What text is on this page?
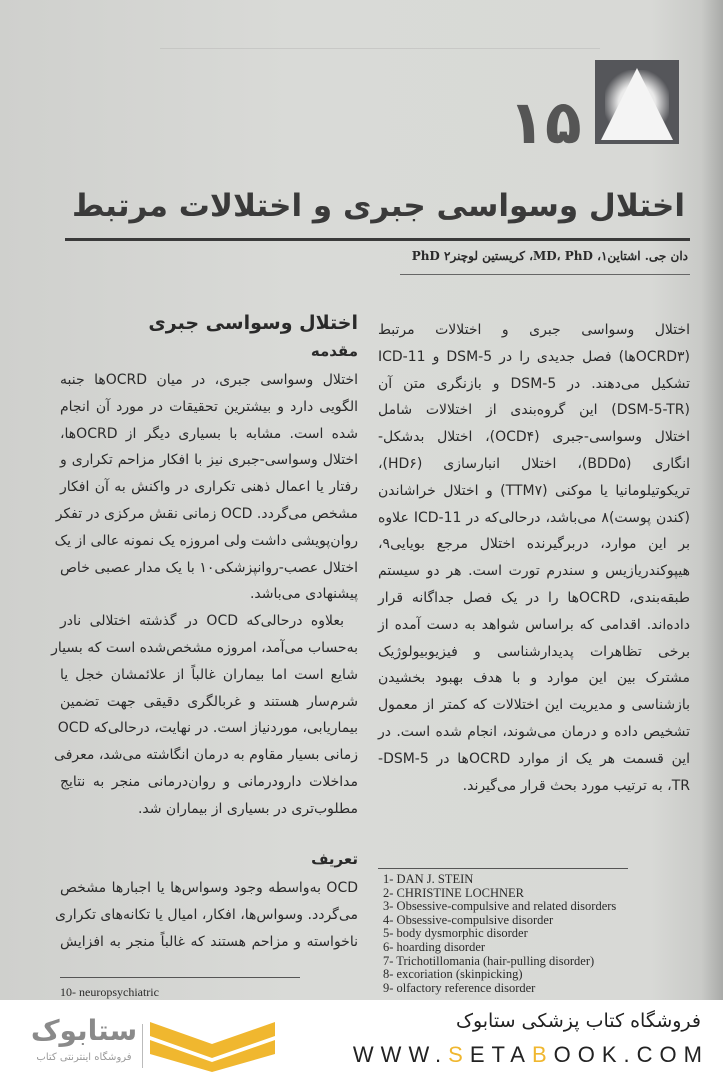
۱۵
اختلال وسواسی جبری و اختلالات مرتبط
دان جی. اشتاین۱، MD، PhD، کریستین لوچنر۲ PhD
اختلال وسواسی جبری و اختلالات مرتبط
(OCRD۳ها) فصل جدیدی را در DSM-5 و ICD-11
تشکیل می‌دهند. در DSM-5 و بازنگری متن آن
(DSM-5-TR) این گروه‌بندی از اختلالات شامل
اختلال وسواسی-جبری (OCD۴)، اختلال بدشکل-
انگاری (BDD۵)، اختلال انبارسازی (HD۶)،
تریکوتیلومانیا یا موکنی (TTM۷) و اختلال خراشاندن
(کندن پوست)۸ می‌باشد، درحالی‌که در ICD-11 علاوه
بر این موارد، دربرگیرنده اختلال مرجع بویایی۹،
هیپوکندریازیس و سندرم تورت است. هر دو سیستم
طبقه‌بندی، OCRDها را در یک فصل جداگانه قرار
داده‌اند. اقدامی که براساس شواهد به دست آمده از
برخی تظاهرات پدیدارشناسی و فیزیوبیولوژیک
مشترک بین این موارد و با هدف بهبود بخشیدن
بازشناسی و مدیریت این اختلالات که کمتر از معمول
تشخیص داده و درمان می‌شوند، انجام شده است. در
این قسمت هر یک از موارد OCRDها در DSM-5-
TR، به ترتیب مورد بحث قرار می‌گیرند.
اختلال وسواسی جبری
مقدمه
اختلال وسواسی جبری، در میان OCRDها جنبه
الگویی دارد و بیشترین تحقیقات در مورد آن انجام
شده است. مشابه با بسیاری دیگر از OCRDها،
اختلال وسواسی-جبری نیز با افکار مزاحم تکراری و
رفتار یا اعمال ذهنی تکراری در واکنش به آن افکار
مشخص می‌گردد. OCD زمانی نقش مرکزی در تفکر
روان‌پویشی داشت ولی امروزه یک نمونه عالی از یک
اختلال عصب-روانپزشکی۱۰ با یک مدار عصبی خاص
پیشنهادی می‌باشد.
بعلاوه درحالی‌که OCD در گذشته اختلالی نادر
به‌حساب می‌آمد، امروزه مشخص‌شده است که بسیار
شایع است اما بیماران غالباً از علائمشان خجل یا
شرم‌سار هستند و غربالگری دقیقی جهت تضمین
بیماریابی، موردنیاز است. در نهایت، درحالی‌که OCD
زمانی بسیار مقاوم به درمان انگاشته می‌شد، معرفی
مداخلات دارودرمانی و روان‌درمانی منجر به نتایج
مطلوب‌تری در بسیاری از بیماران شد.
تعریف
OCD به‌واسطه وجود وسواس‌ها یا اجبارها مشخص
می‌گردد. وسواس‌ها، افکار، امیال یا تکانه‌های تکراری
ناخواسته و مزاحم هستند که غالباً منجر به افزایش
10- neuropsychiatric
1- DAN J. STEIN
2- CHRISTINE LOCHNER
3- Obsessive-compulsive and related disorders
4- Obsessive-compulsive disorder
5- body dysmorphic disorder
6- hoarding disorder
7- Trichotillomania (hair-pulling disorder)
8- excoriation (skinpicking)
9- olfactory reference disorder
ستابوک
فروشگاه اینترنتی کتاب
فروشگاه کتاب پزشکی ستابوک
WWW.SETABOOK.COM
